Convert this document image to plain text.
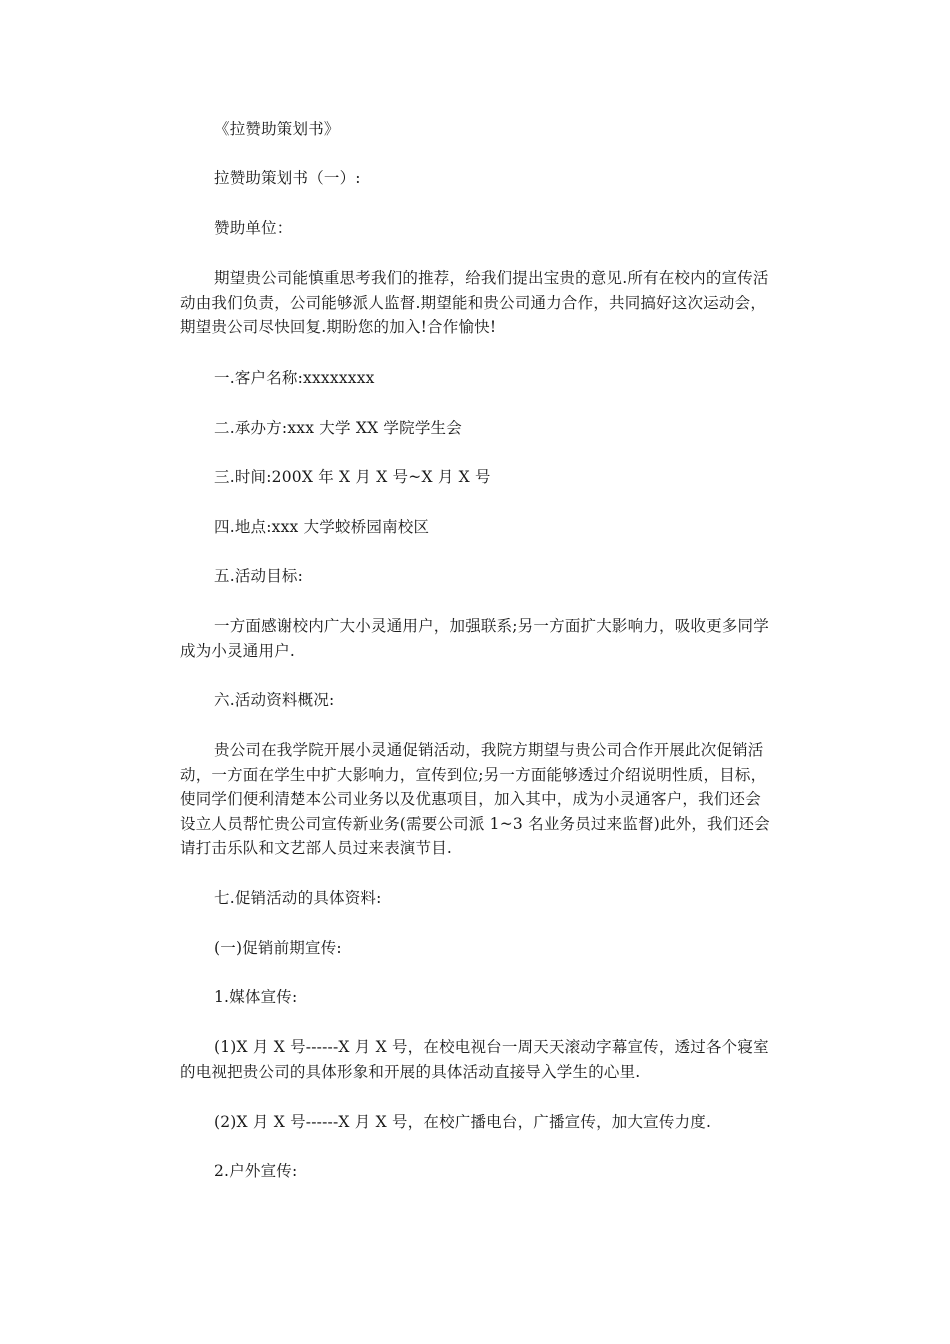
《拉赞助策划书》

拉赞助策划书（一）:

赞助单位：

期望贵公司能慎重思考我们的推荐，给我们提出宝贵的意见.所有在校内的宣传活动由我们负责，公司能够派人监督.期望能和贵公司通力合作，共同搞好这次运动会，期望贵公司尽快回复.期盼您的加入!合作愉快!

一.客户名称:xxxxxxxx

二.承办方:xxx 大学 XX 学院学生会

三.时间:200X 年 X 月 X 号~X 月 X 号

四.地点:xxx 大学蛟桥园南校区

五.活动目标:

一方面感谢校内广大小灵通用户，加强联系;另一方面扩大影响力，吸收更多同学成为小灵通用户.

六.活动资料概况:

贵公司在我学院开展小灵通促销活动，我院方期望与贵公司合作开展此次促销活动，一方面在学生中扩大影响力，宣传到位;另一方面能够透过介绍说明性质，目标，使同学们便利清楚本公司业务以及优惠项目，加入其中，成为小灵通客户，我们还会设立人员帮忙贵公司宣传新业务(需要公司派 1~3 名业务员过来监督)此外，我们还会请打击乐队和文艺部人员过来表演节目.

七.促销活动的具体资料:

(一)促销前期宣传:

1.媒体宣传:

(1)X 月 X 号------X 月 X 号，在校电视台一周天天滚动字幕宣传，透过各个寝室的电视把贵公司的具体形象和开展的具体活动直接导入学生的心里.

(2)X 月 X 号------X 月 X 号，在校广播电台，广播宣传，加大宣传力度.

2.户外宣传:
